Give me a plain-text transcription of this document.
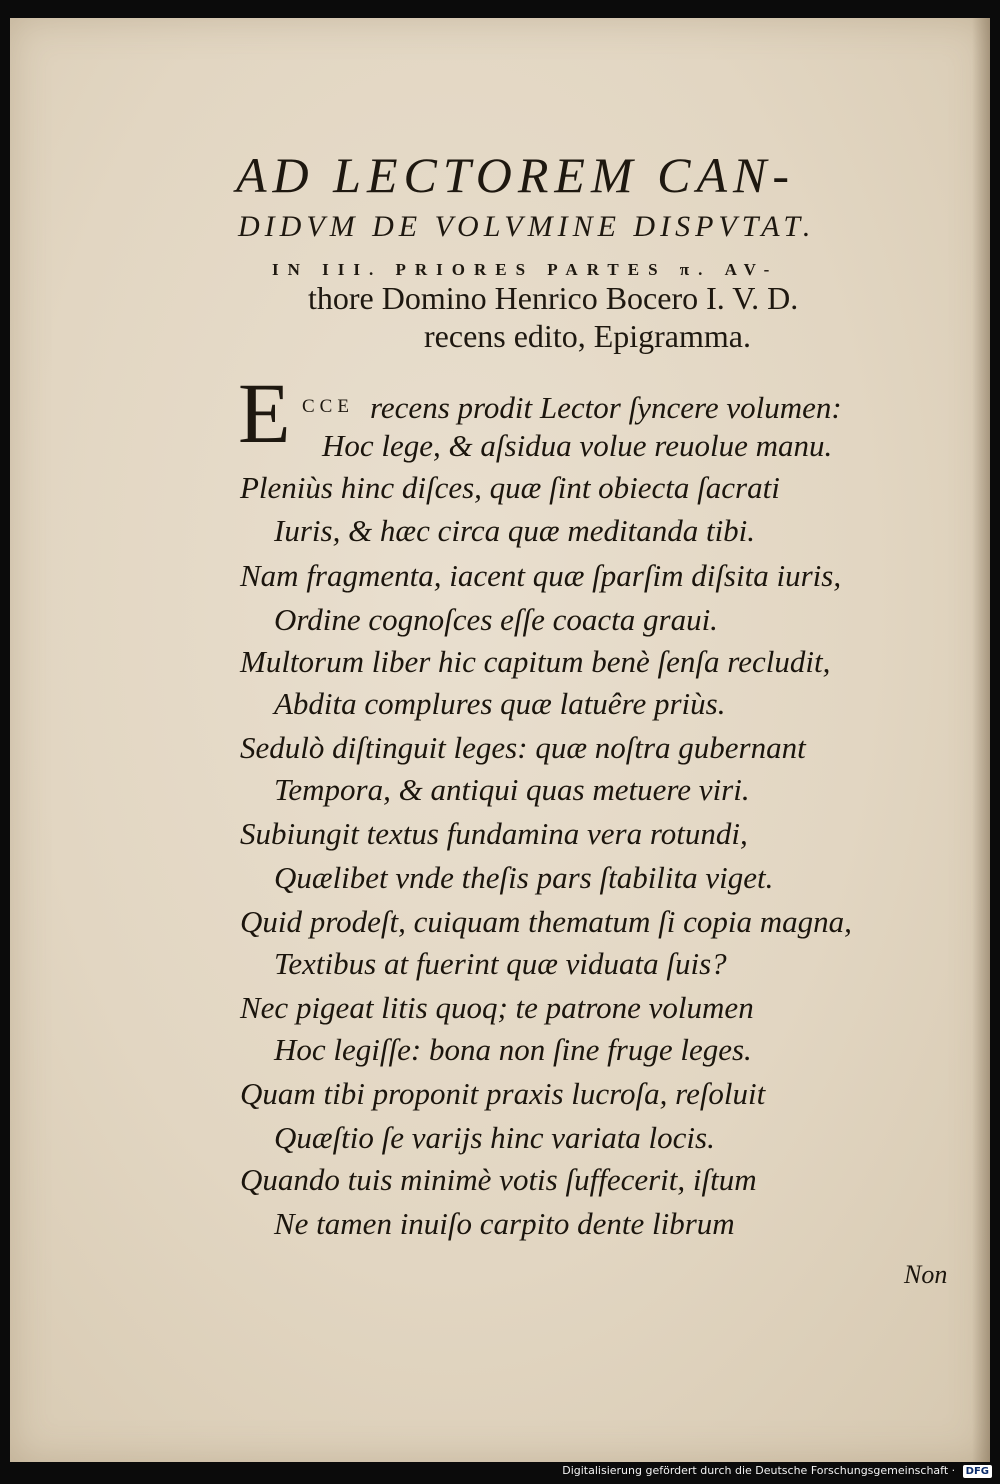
AD LECTOREM CAN-
DIDVM DE VOLVMINE DISPVTAT.
IN III. PRIORES PARTES π. AV-
thore Domino Henrico Bocero I. V. D.
recens edito, Epigramma.
E CCE recens prodit Lector ſyncere volumen:
Hoc lege, & aſsidua volue reuolue manu.
Pleniùs hinc diſces, quæ ſint obiecta ſacrati
Iuris, & hæc circa quæ meditanda tibi.
Nam fragmenta, iacent quæ ſparſim diſsita iuris,
Ordine cognoſces eſſe coacta graui.
Multorum liber hic capitum benè ſenſa recludit,
Abdita complures quæ latuêre priùs.
Sedulò diſtinguit leges: quæ noſtra gubernant
Tempora, & antiqui quas metuere viri.
Subiungit textus fundamina vera rotundi,
Quælibet vnde theſis pars ſtabilita viget.
Quid prodeſt, cuiquam thematum ſi copia magna,
Textibus at fuerint quæ viduata ſuis?
Nec pigeat litis quoq; te patrone volumen
Hoc legiſſe: bona non ſine fruge leges.
Quam tibi proponit praxis lucroſa, reſoluit
Quæſtio ſe varijs hinc variata locis.
Quando tuis minimè votis ſuffecerit, iſtum
Ne tamen inuiſo carpito dente librum
Non
Digitalisierung gefördert durch die Deutsche Forschungsgemeinschaft · DFG
